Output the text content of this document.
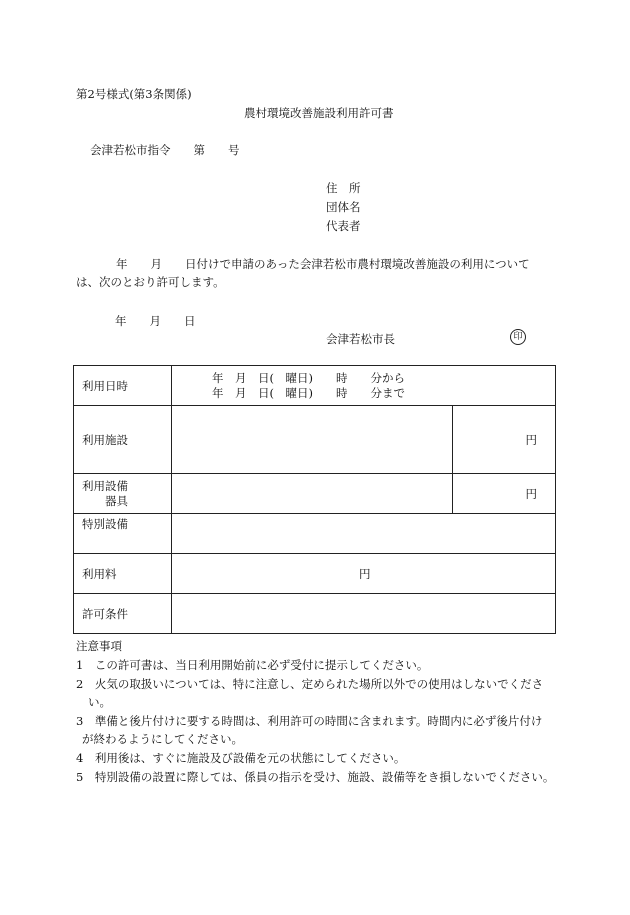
第2号様式(第3条関係)
農村環境改善施設利用許可書
会津若松市指令　　第　　号
住　所
団体名
代表者
年　　月　　日付けで申請のあった会津若松市農村環境改善施設の利用について
は、次のとおり許可します。
年　　月　　日
会津若松市長	印
利用日時	年　月　日(　曜日)　　時　　分から
年　月　日(　曜日)　　時　　分まで	

利用施設		円

利用設備
器具		円
特別設備		
利用料	円	
許可条件		
注意事項
1　この許可書は、当日利用開始前に必ず受付に提示してください。
2　火気の取扱いについては、特に注意し、定められた場所以外での使用はしないでくださ
い。
3　準備と後片付けに要する時間は、利用許可の時間に含まれます。時間内に必ず後片付け
が終わるようにしてください。
4　利用後は、すぐに施設及び設備を元の状態にしてください。
5　特別設備の設置に際しては、係員の指示を受け、施設、設備等をき損しないでください。
